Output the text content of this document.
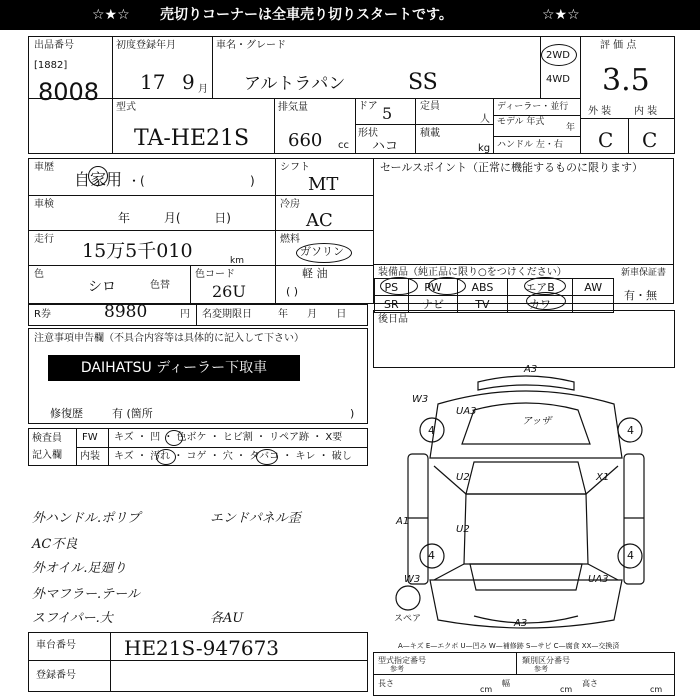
☆★☆ 売切りコーナーは全車売り切りスタートです。	☆★☆
出品番号
[1882]
8008
初度登録年月
17 9 月
車名・グレード
アルトラパン	SS
2WD
4WD
評 価 点
3.5
型式
TA-HE21S
排気量
660 cc
ドア 5	定員
人
形状
ハコ
積載
kg
ディーラー・並行
モデル 年式
年
ハンドル 左・右
外 装 内 装
C C
車歴
自家用 ・(	)
車検
年 月( 日)
走行
15万5千010	km
色
シロ	色替
色コード
26U
シフト
MT
冷房
AC
燃料
ガソリン
軽 油
( )
セールスポイント（正常に機能するものに限ります）
装備品（純正品に限り○をつけください）
PS	PW	ABS	エアB	AW
SR	ナビ	TV	カワ	
新車保証書
有・無
R券	8980	円 名変期限日	年 月 日	後日品
注意事項申告欄（不具合内容等は具体的に記入して下さい）
DAIHATSU ディーラー下取車
修復歴	有 (箇所	)
検査員
記入欄
FW キズ ・ 凹 ・ 色ボケ ・ ヒビ割 ・ リペア跡 ・ X要
内装 キズ ・ 汚れ ・ コゲ ・ 穴 ・ タバコ ・ キレ ・ 破し
外ハンドル.ポリプ	エンドパネル歪
AC不良
外オイル.足廻り
外マフラー.テール
スフイパー.大	各AU
A3
W3
UA3
アッザ
4	4
U2	X1
A1
U2
4	4
W3	UA3
A3
スペア
A—キズ E—エクボ U—凹み W—補修跡 S—サビ C—腐食 XX—交換済
車台番号 HE21S-947673
登録番号
型式指定番号	類別区分番号
参考	参考
長さ
cm
幅
cm
高さ
cm
